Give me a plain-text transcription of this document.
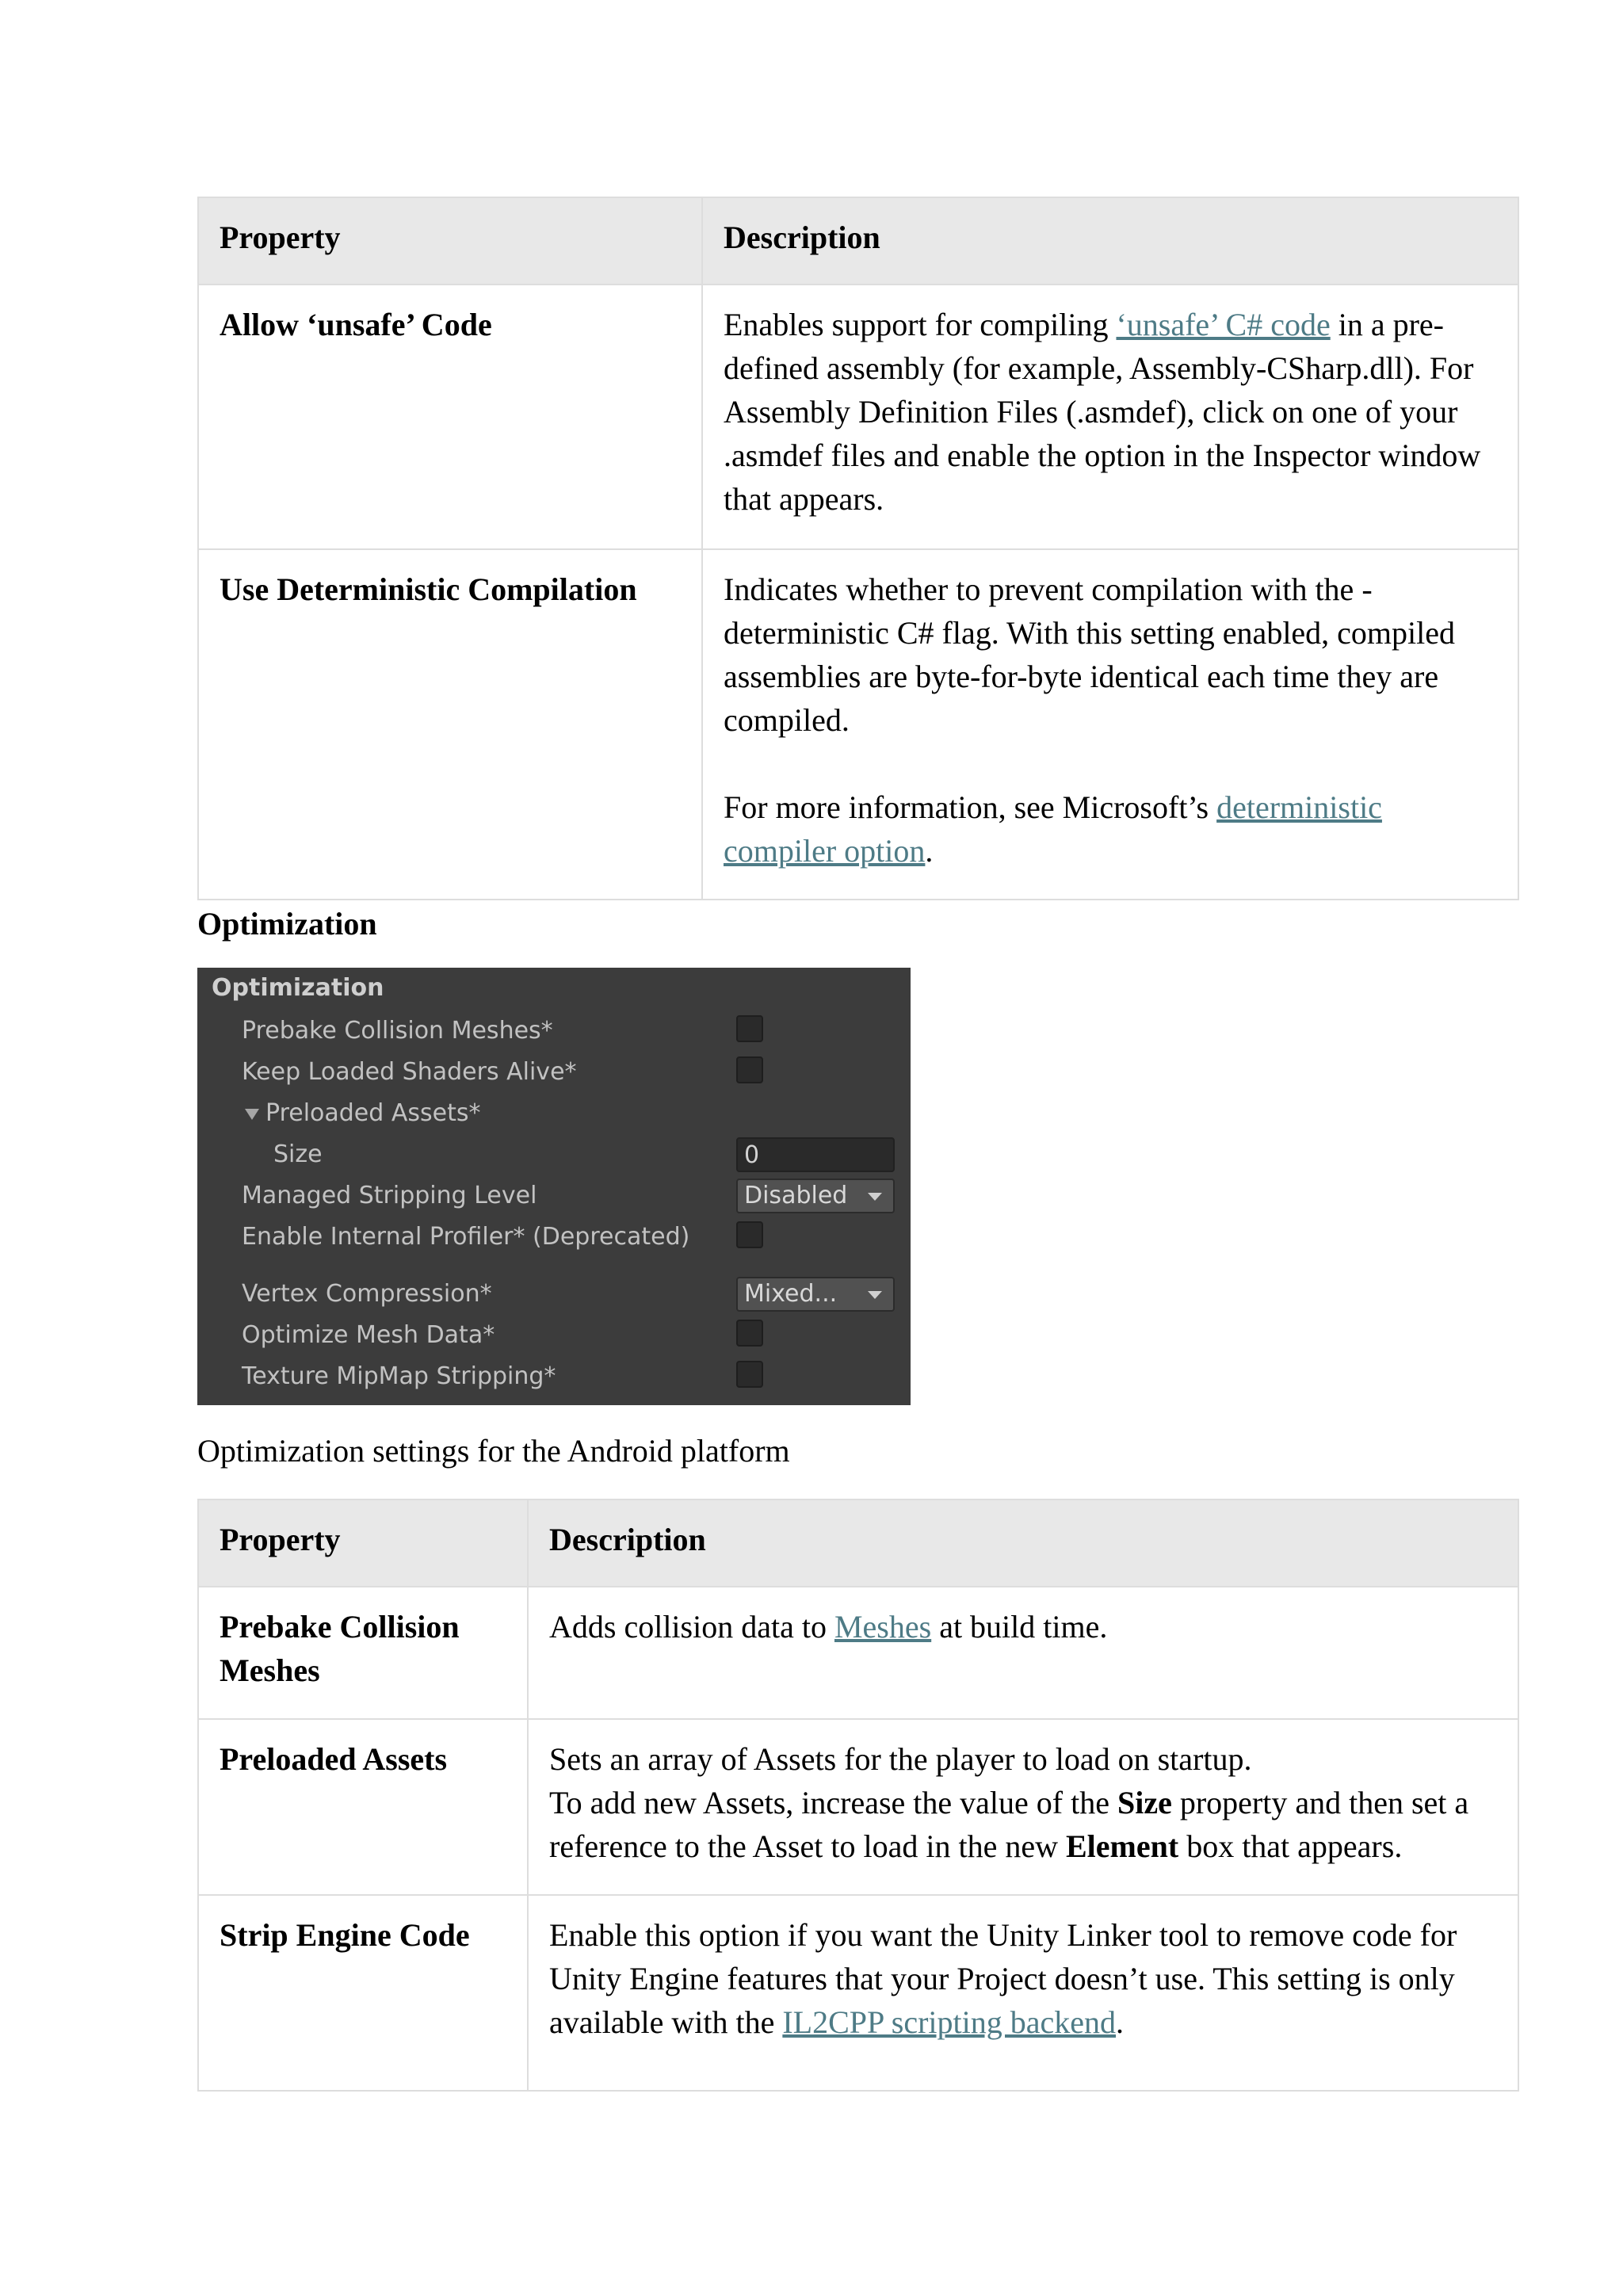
Property	Description

Allow ‘unsafe’ Code	Enables support for compiling ‘unsafe’ C# code in a pre-defined assembly (for example, Assembly-CSharp.dll). For Assembly Definition Files (.asmdef), click on one of your .asmdef files and enable the option in the Inspector window that appears.

Use Deterministic Compilation	Indicates whether to prevent compilation with the -deterministic C# flag. With this setting enabled, compiled assemblies are byte-for-byte identical each time they are compiled.

For more information, see Microsoft’s deterministic compiler option.

Optimization
Optimization
Prebake Collision Meshes*
Keep Loaded Shaders Alive*
Preloaded Assets*
Size	0
Managed Stripping Level	Disabled
Enable Internal Profiler* (Deprecated)
Vertex Compression*	Mixed...
Optimize Mesh Data*
Texture MipMap Stripping*
Optimization settings for the Android platform
Property	Description

Prebake Collision Meshes	Adds collision data to Meshes at build time.

Preloaded Assets	Sets an array of Assets for the player to load on startup.

To add new Assets, increase the value of the Size property and then set a reference to the Asset to load in the new Element box that appears.

Strip Engine Code	Enable this option if you want the Unity Linker tool to remove code for Unity Engine features that your Project doesn’t use. This setting is only available with the IL2CPP scripting backend.
